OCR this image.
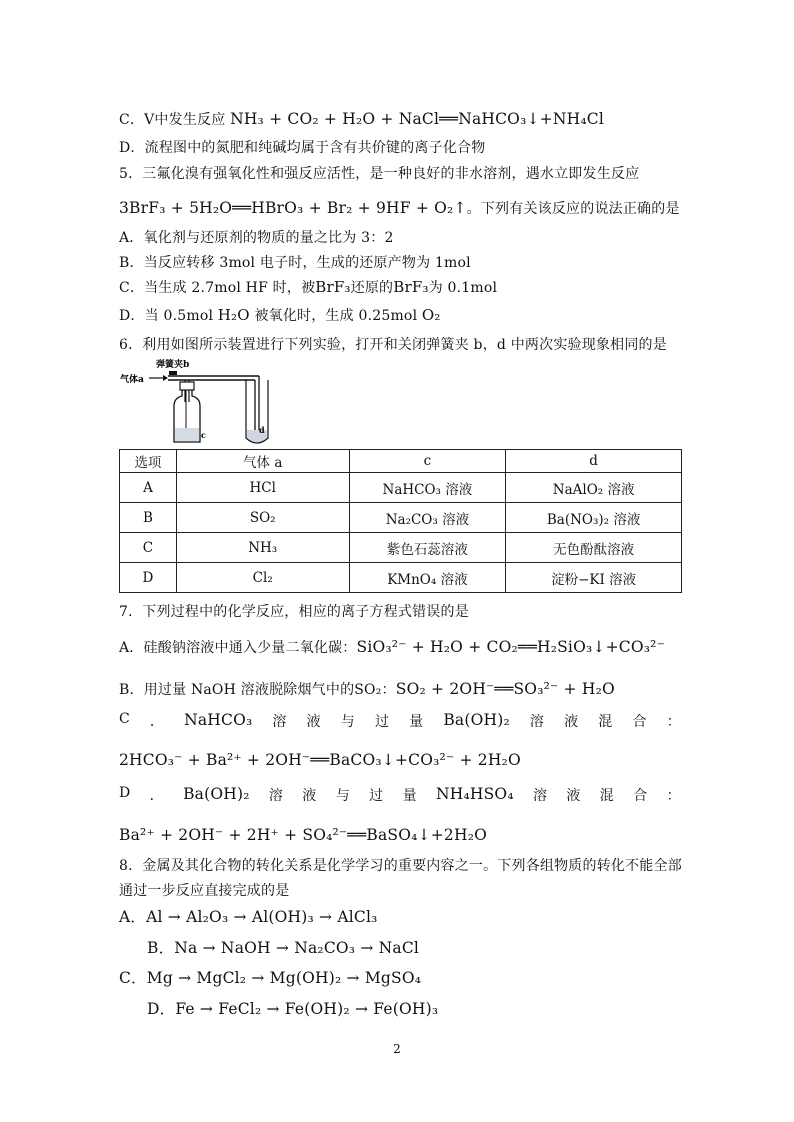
C．Ⅴ中发生反应 NH₃ + CO₂ + H₂O + NaCl══NaHCO₃↓+NH₄Cl
D．流程图中的氮肥和纯碱均属于含有共价键的离子化合物
5．三氟化溴有强氧化性和强反应活性，是一种良好的非水溶剂，遇水立即发生反应
3BrF₃ + 5H₂O══HBrO₃ + Br₂ + 9HF + O₂↑。下列有关该反应的说法正确的是
A．氧化剂与还原剂的物质的量之比为 3：2
B．当反应转移 3mol 电子时，生成的还原产物为 1mol
C．当生成 2.7mol HF 时，被BrF₃还原的BrF₃为 0.1mol
D．当 0.5mol H₂O 被氧化时，生成 0.25mol O₂
6．利用如图所示装置进行下列实验，打开和关闭弹簧夹 b，d 中两次实验现象相同的是
弹簧夹b
气体a
d
c
选项	气体 a	c	d
A	HCl	NaHCO₃ 溶液	NaAlO₂ 溶液
B	SO₂	Na₂CO₃ 溶液	Ba(NO₃)₂ 溶液
C	NH₃	紫色石蕊溶液	无色酚酞溶液
D	Cl₂	KMnO₄ 溶液	淀粉−KI 溶液
7．下列过程中的化学反应，相应的离子方程式错误的是
A．硅酸钠溶液中通入少量二氧化碳：SiO₃²⁻ + H₂O + CO₂══H₂SiO₃↓+CO₃²⁻
B．用过量 NaOH 溶液脱除烟气中的SO₂：SO₂ + 2OH⁻══SO₃²⁻ + H₂O
C ． NaHCO₃ 溶 液 与 过 量 Ba(OH)₂ 溶 液 混 合 ：
2HCO₃⁻ + Ba²⁺ + 2OH⁻══BaCO₃↓+CO₃²⁻ + 2H₂O
D ． Ba(OH)₂ 溶 液 与 过 量 NH₄HSO₄ 溶 液 混 合 ：
Ba²⁺ + 2OH⁻ + 2H⁺ + SO₄²⁻══BaSO₄↓+2H₂O
8．金属及其化合物的转化关系是化学学习的重要内容之一。下列各组物质的转化不能全部
通过一步反应直接完成的是
A．Al → Al₂O₃ → Al(OH)₃ → AlCl₃
B．Na → NaOH → Na₂CO₃ → NaCl
C．Mg → MgCl₂ → Mg(OH)₂ → MgSO₄
D．Fe → FeCl₂ → Fe(OH)₂ → Fe(OH)₃
2
